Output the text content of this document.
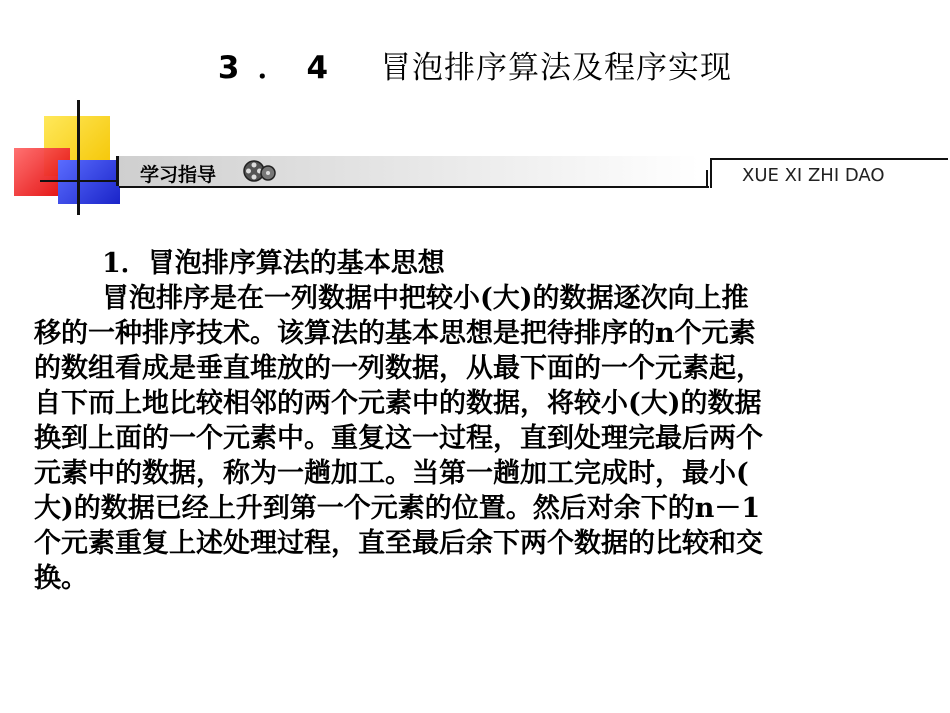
3．4 冒泡排序算法及程序实现
学习指导	XUE XI ZHI DAO

1．冒泡排序算法的基本思想

冒泡排序是在一列数据中把较小(大)的数据逐次向上推

移的一种排序技术。该算法的基本思想是把待排序的n个元素

的数组看成是垂直堆放的一列数据，从最下面的一个元素起，

自下而上地比较相邻的两个元素中的数据，将较小(大)的数据

换到上面的一个元素中。重复这一过程，直到处理完最后两个

元素中的数据，称为一趟加工。当第一趟加工完成时，最小(

大)的数据已经上升到第一个元素的位置。然后对余下的n－1

个元素重复上述处理过程，直至最后余下两个数据的比较和交

换。
